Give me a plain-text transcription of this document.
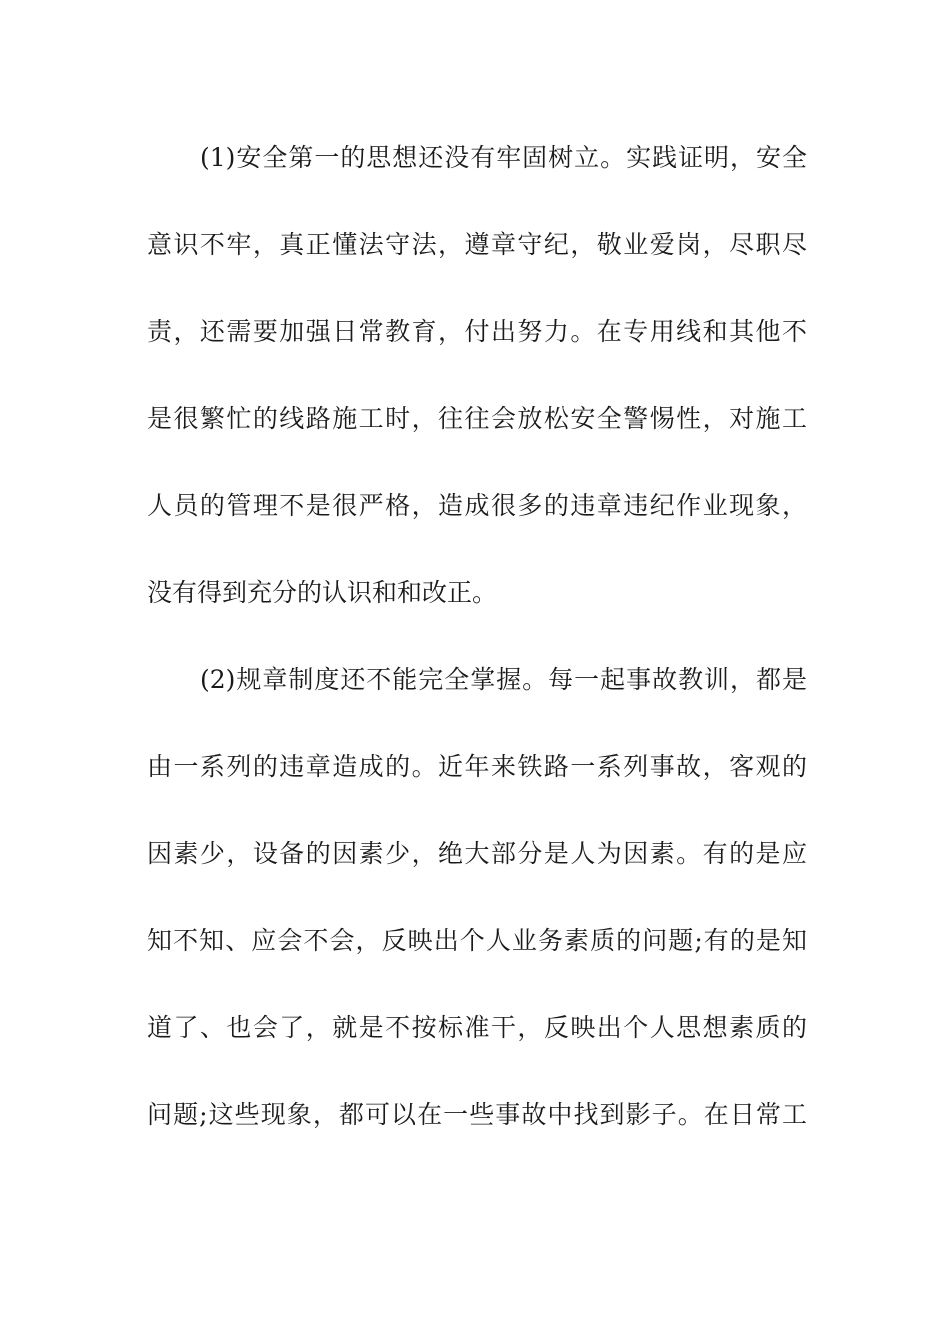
(1)安全第一的思想还没有牢固树立。实践证明，安全

意识不牢，真正懂法守法，遵章守纪，敬业爱岗，尽职尽

责，还需要加强日常教育，付出努力。在专用线和其他不

是很繁忙的线路施工时，往往会放松安全警惕性，对施工

人员的管理不是很严格，造成很多的违章违纪作业现象，

没有得到充分的认识和和改正。

(2)规章制度还不能完全掌握。每一起事故教训，都是

由一系列的违章造成的。近年来铁路一系列事故，客观的

因素少，设备的因素少，绝大部分是人为因素。有的是应

知不知、应会不会，反映出个人业务素质的问题;有的是知

道了、也会了，就是不按标准干，反映出个人思想素质的

问题;这些现象，都可以在一些事故中找到影子。在日常工
